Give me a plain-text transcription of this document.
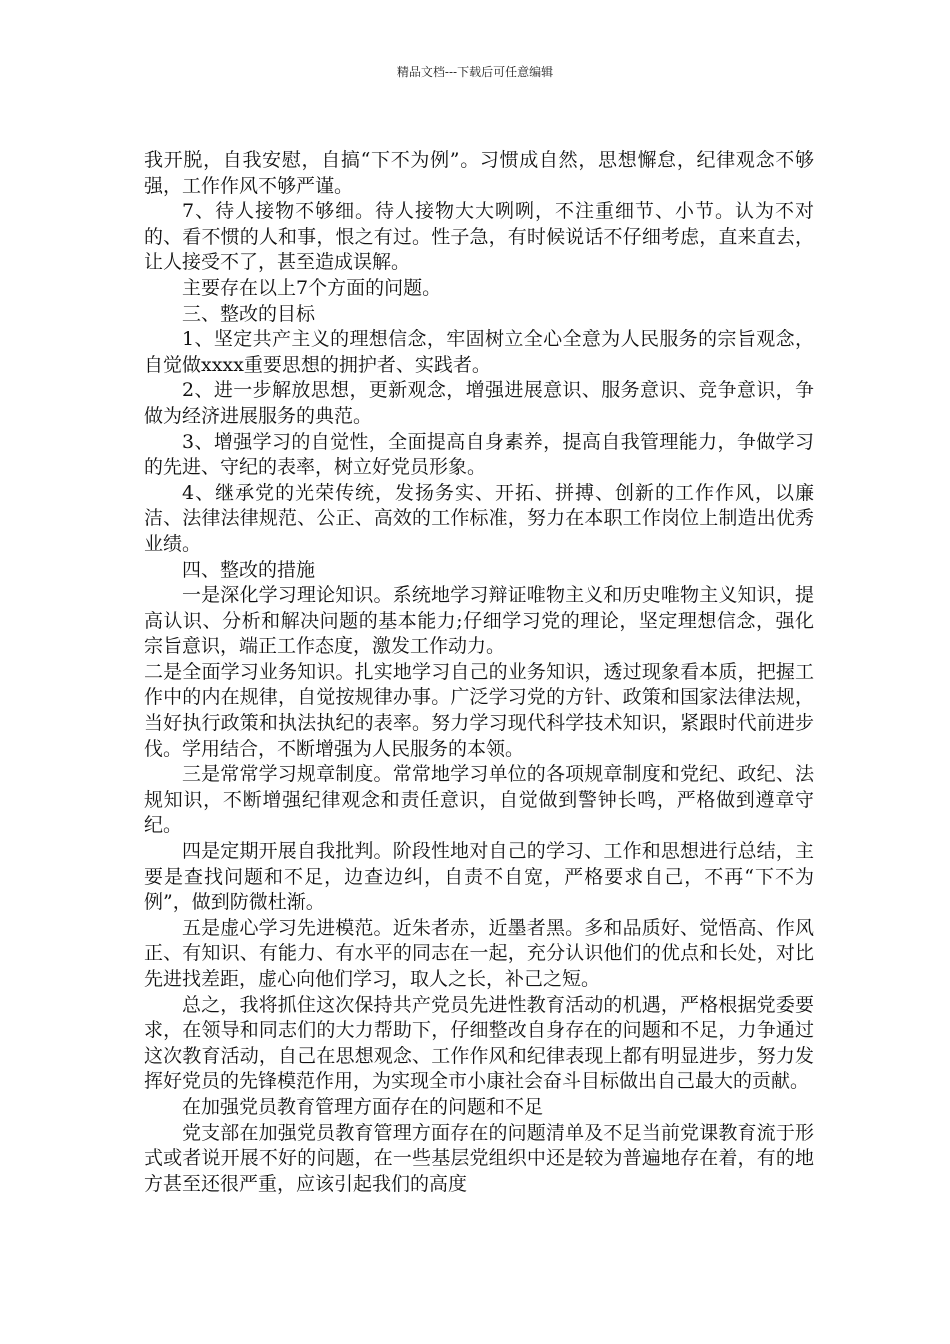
精品文档---下载后可任意编辑

我开脱，自我安慰，自搞“下不为例”。习惯成自然，思想懈怠，纪律观念不够强，工作作风不够严谨。

7、待人接物不够细。待人接物大大咧咧，不注重细节、小节。认为不对的、看不惯的人和事，恨之有过。性子急，有时候说话不仔细考虑，直来直去，让人接受不了，甚至造成误解。

主要存在以上7个方面的问题。

三、整改的目标

1、坚定共产主义的理想信念，牢固树立全心全意为人民服务的宗旨观念，自觉做xxxx重要思想的拥护者、实践者。

2、进一步解放思想，更新观念，增强进展意识、服务意识、竞争意识，争做为经济进展服务的典范。

3、增强学习的自觉性，全面提高自身素养，提高自我管理能力，争做学习的先进、守纪的表率，树立好党员形象。

4、继承党的光荣传统，发扬务实、开拓、拼搏、创新的工作作风，以廉洁、法律法律规范、公正、高效的工作标准，努力在本职工作岗位上制造出优秀业绩。

四、整改的措施

一是深化学习理论知识。系统地学习辩证唯物主义和历史唯物主义知识，提高认识、分析和解决问题的基本能力;仔细学习党的理论，坚定理想信念，强化宗旨意识，端正工作态度，激发工作动力。

二是全面学习业务知识。扎实地学习自己的业务知识，透过现象看本质，把握工作中的内在规律，自觉按规律办事。广泛学习党的方针、政策和国家法律法规，当好执行政策和执法执纪的表率。努力学习现代科学技术知识，紧跟时代前进步伐。学用结合，不断增强为人民服务的本领。

三是常常学习规章制度。常常地学习单位的各项规章制度和党纪、政纪、法规知识，不断增强纪律观念和责任意识，自觉做到警钟长鸣，严格做到遵章守纪。

四是定期开展自我批判。阶段性地对自己的学习、工作和思想进行总结，主要是查找问题和不足，边查边纠，自责不自宽，严格要求自己，不再“下不为例”，做到防微杜渐。

五是虚心学习先进模范。近朱者赤，近墨者黑。多和品质好、觉悟高、作风正、有知识、有能力、有水平的同志在一起，充分认识他们的优点和长处，对比先进找差距，虚心向他们学习，取人之长，补己之短。

总之，我将抓住这次保持共产党员先进性教育活动的机遇，严格根据党委要求，在领导和同志们的大力帮助下，仔细整改自身存在的问题和不足，力争通过这次教育活动，自己在思想观念、工作作风和纪律表现上都有明显进步，努力发挥好党员的先锋模范作用，为实现全市小康社会奋斗目标做出自己最大的贡献。

在加强党员教育管理方面存在的问题和不足

党支部在加强党员教育管理方面存在的问题清单及不足当前党课教育流于形式或者说开展不好的问题，在一些基层党组织中还是较为普遍地存在着，有的地方甚至还很严重，应该引起我们的高度
